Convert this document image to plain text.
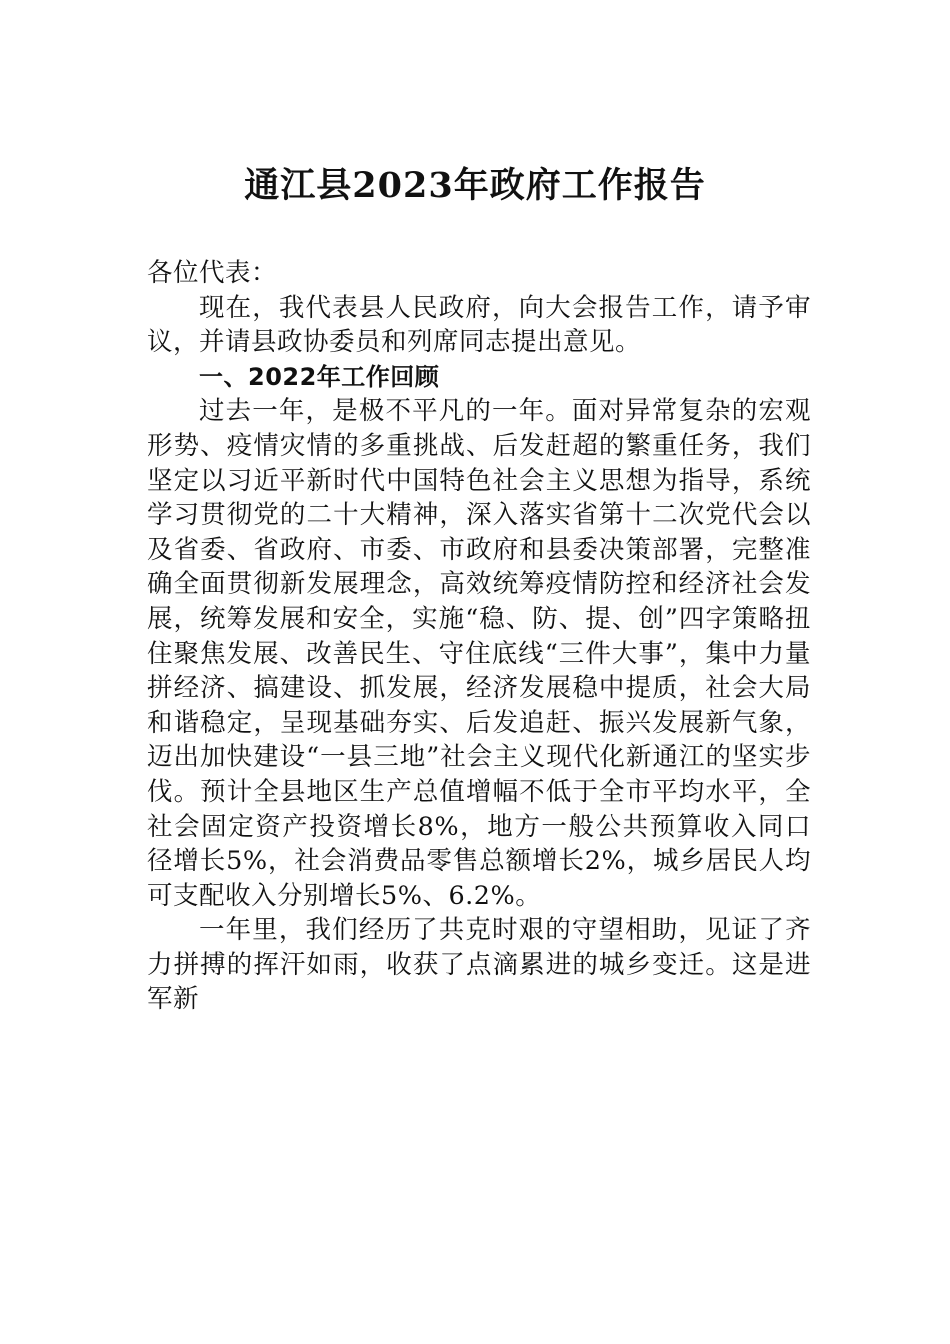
通江县2023年政府工作报告

各位代表：

现在，我代表县人民政府，向大会报告工作，请予审议，并请县政协委员和列席同志提出意见。

一、2022年工作回顾

过去一年，是极不平凡的一年。面对异常复杂的宏观形势、疫情灾情的多重挑战、后发赶超的繁重任务，我们坚定以习近平新时代中国特色社会主义思想为指导，系统学习贯彻党的二十大精神，深入落实省第十二次党代会以及省委、省政府、市委、市政府和县委决策部署，完整准确全面贯彻新发展理念，高效统筹疫情防控和经济社会发展，统筹发展和安全，实施“稳、防、提、创”四字策略扭住聚焦发展、改善民生、守住底线“三件大事”，集中力量拼经济、搞建设、抓发展，经济发展稳中提质，社会大局和谐稳定，呈现基础夯实、后发追赶、振兴发展新气象，迈出加快建设“一县三地”社会主义现代化新通江的坚实步伐。预计全县地区生产总值增幅不低于全市平均水平，全社会固定资产投资增长8%，地方一般公共预算收入同口径增长5%，社会消费品零售总额增长2%，城乡居民人均可支配收入分别增长5%、6.2%。

一年里，我们经历了共克时艰的守望相助，见证了齐力拼搏的挥汗如雨，收获了点滴累进的城乡变迁。这是进军新
